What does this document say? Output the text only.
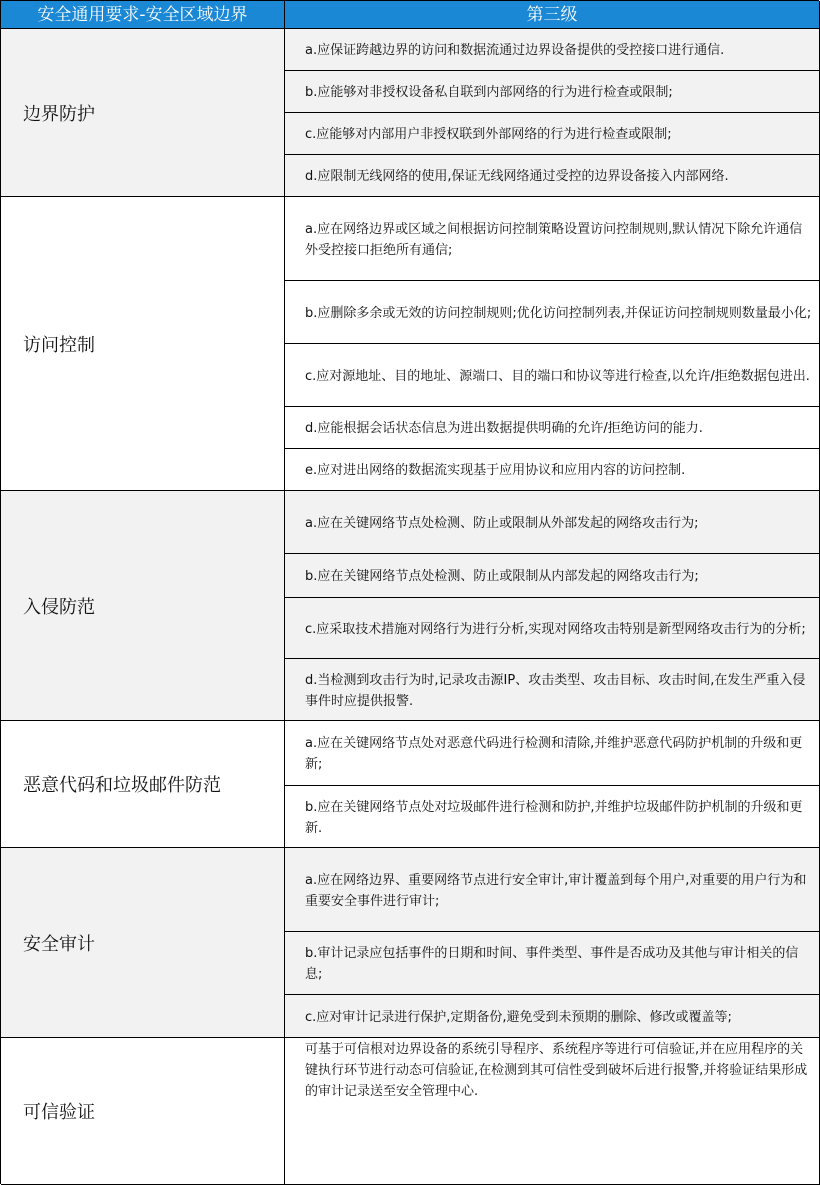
安全通用要求-安全区域边界	第三级
边界防护
a.应保证跨越边界的访问和数据流通过边界设备提供的受控接口进行通信.
b.应能够对非授权设备私自联到内部网络的行为进行检查或限制;
c.应能够对内部用户非授权联到外部网络的行为进行检查或限制;
d.应限制无线网络的使用,保证无线网络通过受控的边界设备接入内部网络.
访问控制
a.应在网络边界或区域之间根据访问控制策略设置访问控制规则,默认情况下除允许通信外受控接口拒绝所有通信;
b.应删除多余或无效的访问控制规则;优化访问控制列表,并保证访问控制规则数量最小化;
c.应对源地址、目的地址、源端口、目的端口和协议等进行检查,以允许/拒绝数据包进出.
d.应能根据会话状态信息为进出数据提供明确的允许/拒绝访问的能力.
e.应对进出网络的数据流实现基于应用协议和应用内容的访问控制.
入侵防范
a.应在关键网络节点处检测、防止或限制从外部发起的网络攻击行为;
b.应在关键网络节点处检测、防止或限制从内部发起的网络攻击行为;
c.应采取技术措施对网络行为进行分析,实现对网络攻击特别是新型网络攻击行为的分析;
d.当检测到攻击行为时,记录攻击源IP、攻击类型、攻击目标、攻击时间,在发生严重入侵事件时应提供报警.
恶意代码和垃圾邮件防范
a.应在关键网络节点处对恶意代码进行检测和清除,并维护恶意代码防护机制的升级和更新;
b.应在关键网络节点处对垃圾邮件进行检测和防护,并维护垃圾邮件防护机制的升级和更新.
安全审计
a.应在网络边界、重要网络节点进行安全审计,审计覆盖到每个用户,对重要的用户行为和重要安全事件进行审计;
b.审计记录应包括事件的日期和时间、事件类型、事件是否成功及其他与审计相关的信息;
c.应对审计记录进行保护,定期备份,避免受到未预期的删除、修改或覆盖等;
可信验证
可基于可信根对边界设备的系统引导程序、系统程序等进行可信验证,并在应用程序的关键执行环节进行动态可信验证,在检测到其可信性受到破坏后进行报警,并将验证结果形成的审计记录送至安全管理中心.
